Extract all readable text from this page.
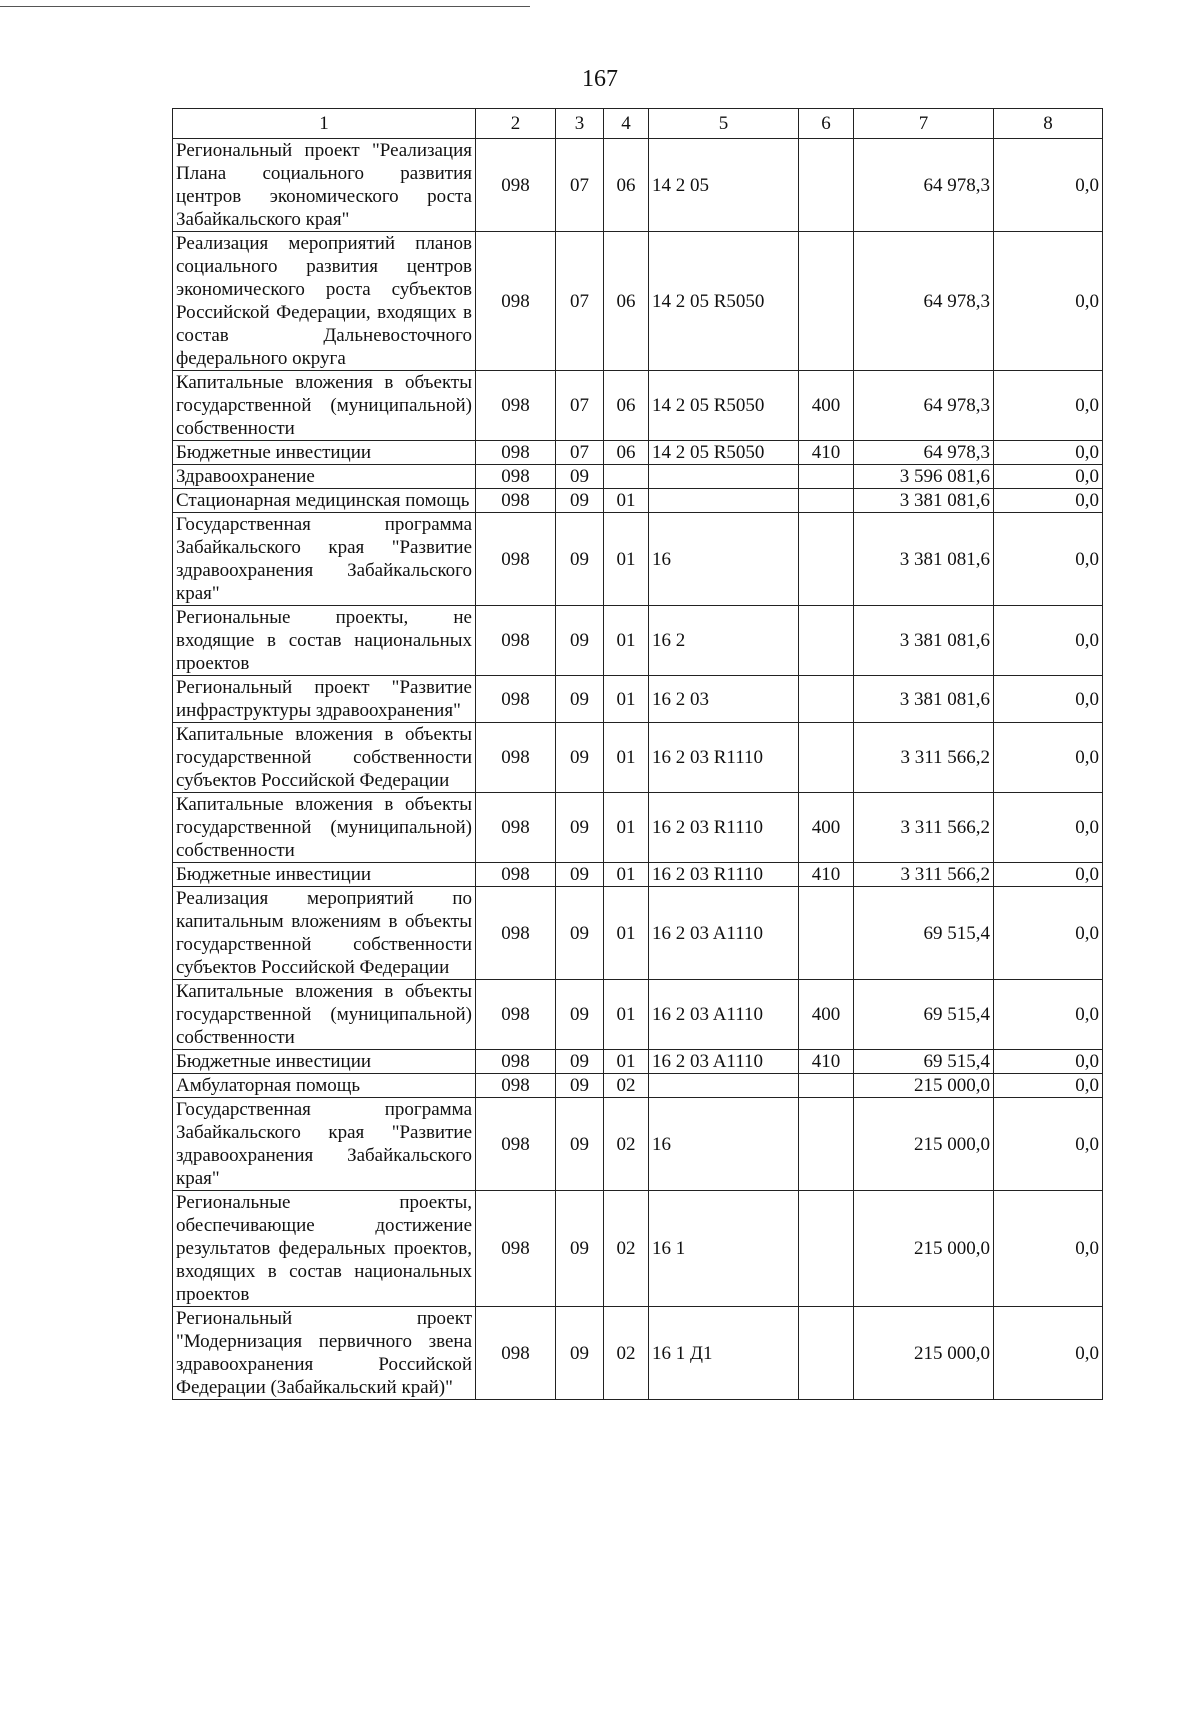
167
1	2	3	4	5	6	7	8
Региональный проект "Реализация Плана социального развития центров экономического роста Забайкальского края"	098	07	06	14 2 05		64 978,3	0,0
Реализация мероприятий планов социального развития центров экономического роста субъектов Российской Федерации, входящих в состав Дальневосточного федерального округа	098	07	06	14 2 05 R5050		64 978,3	0,0
Капитальные вложения в объекты государственной (муниципальной) собственности	098	07	06	14 2 05 R5050	400	64 978,3	0,0
Бюджетные инвестиции	098	07	06	14 2 05 R5050	410	64 978,3	0,0
Здравоохранение	098	09				3 596 081,6	0,0
Стационарная медицинская помощь	098	09	01			3 381 081,6	0,0
Государственная программа Забайкальского края "Развитие здравоохранения Забайкальского края"	098	09	01	16		3 381 081,6	0,0
Региональные проекты, не входящие в состав национальных проектов	098	09	01	16 2		3 381 081,6	0,0
Региональный проект "Развитие инфраструктуры здравоохранения"	098	09	01	16 2 03		3 381 081,6	0,0
Капитальные вложения в объекты государственной собственности субъектов Российской Федерации	098	09	01	16 2 03 R1110		3 311 566,2	0,0
Капитальные вложения в объекты государственной (муниципальной) собственности	098	09	01	16 2 03 R1110	400	3 311 566,2	0,0
Бюджетные инвестиции	098	09	01	16 2 03 R1110	410	3 311 566,2	0,0
Реализация мероприятий по капитальным вложениям в объекты государственной собственности субъектов Российской Федерации	098	09	01	16 2 03 A1110		69 515,4	0,0
Капитальные вложения в объекты государственной (муниципальной) собственности	098	09	01	16 2 03 A1110	400	69 515,4	0,0
Бюджетные инвестиции	098	09	01	16 2 03 A1110	410	69 515,4	0,0
Амбулаторная помощь	098	09	02			215 000,0	0,0
Государственная программа Забайкальского края "Развитие здравоохранения Забайкальского края"	098	09	02	16		215 000,0	0,0
Региональные проекты, обеспечивающие достижение результатов федеральных проектов, входящих в состав национальных проектов	098	09	02	16 1		215 000,0	0,0
Региональный проект "Модернизация первичного звена здравоохранения Российской Федерации (Забайкальский край)"	098	09	02	16 1 Д1		215 000,0	0,0
